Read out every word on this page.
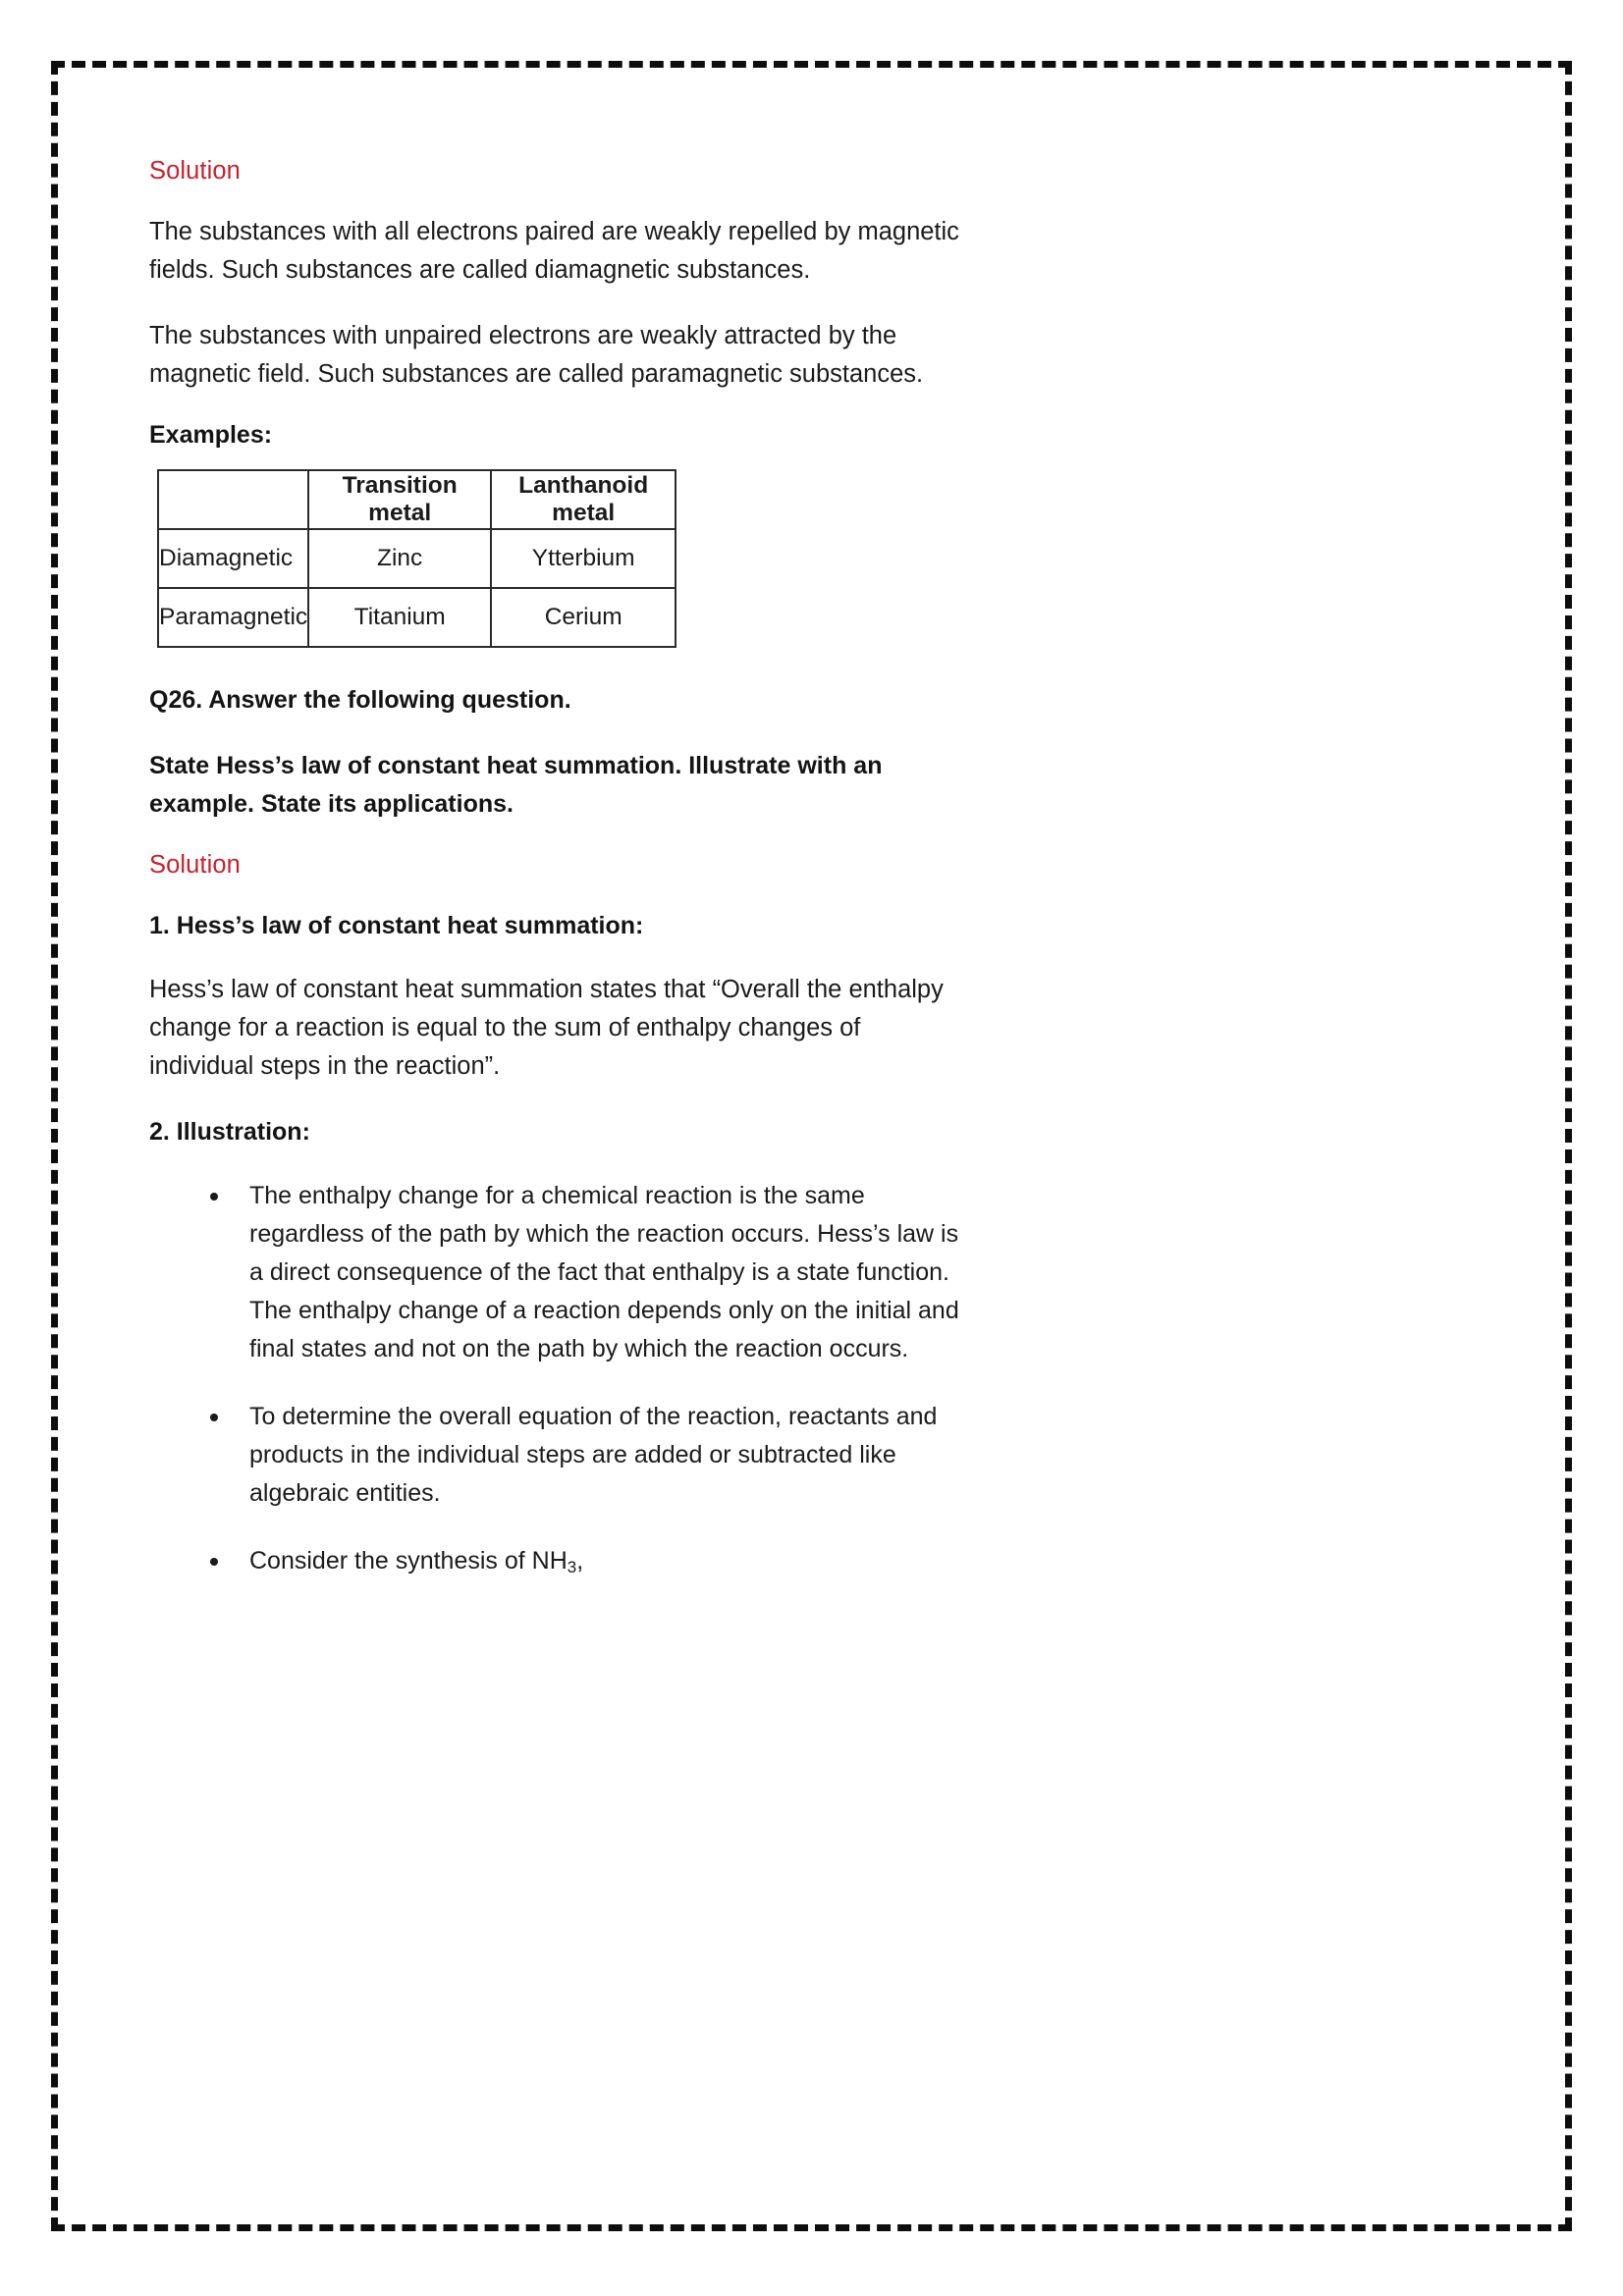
Solution

The substances with all electrons paired are weakly repelled by magnetic fields. Such substances are called diamagnetic substances.

The substances with unpaired electrons are weakly attracted by the magnetic field. Such substances are called paramagnetic substances.

Examples:
	Transition metal	Lanthanoid metal
Diamagnetic	Zinc	Ytterbium
Paramagnetic	Titanium	Cerium
Q26. Answer the following question.
State Hess’s law of constant heat summation. Illustrate with an example. State its applications.
Solution
1. Hess’s law of constant heat summation:

Hess’s law of constant heat summation states that “Overall the enthalpy change for a reaction is equal to the sum of enthalpy changes of individual steps in the reaction”.

2. Illustration:
The enthalpy change for a chemical reaction is the same regardless of the path by which the reaction occurs. Hess’s law is a direct consequence of the fact that enthalpy is a state function. The enthalpy change of a reaction depends only on the initial and final states and not on the path by which the reaction occurs.
To determine the overall equation of the reaction, reactants and products in the individual steps are added or subtracted like algebraic entities.
Consider the synthesis of $NH_3$,
